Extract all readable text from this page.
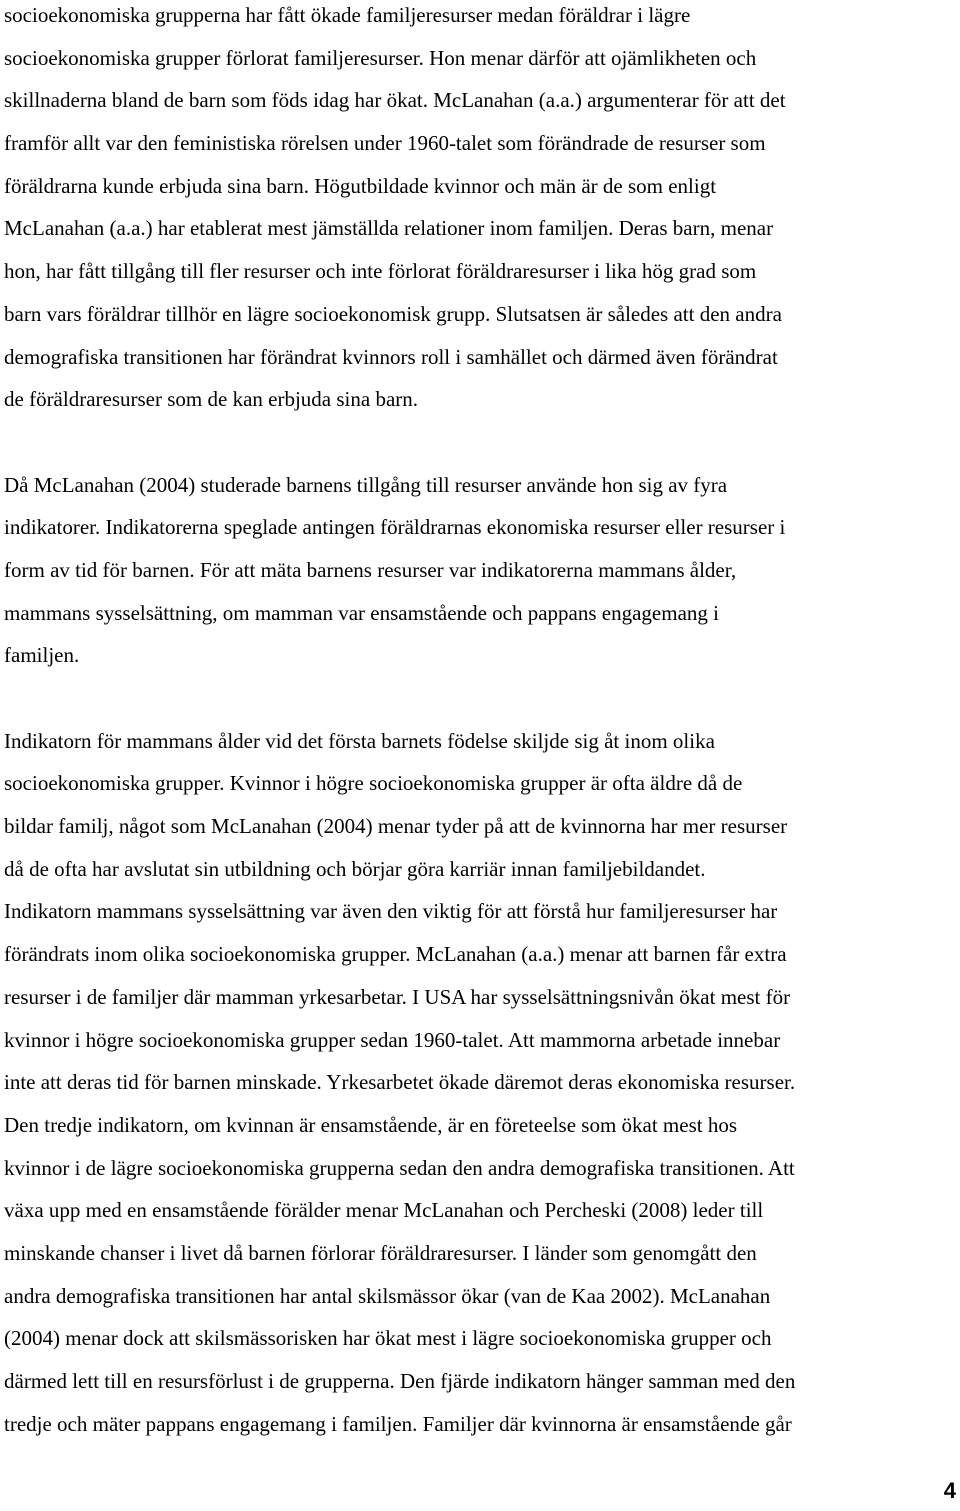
socioekonomiska grupperna har fått ökade familjeresurser medan föräldrar i lägre
socioekonomiska grupper förlorat familjeresurser. Hon menar därför att ojämlikheten och
skillnaderna bland de barn som föds idag har ökat. McLanahan (a.a.) argumenterar för att det
framför allt var den feministiska rörelsen under 1960-talet som förändrade de resurser som
föräldrarna kunde erbjuda sina barn. Högutbildade kvinnor och män är de som enligt
McLanahan (a.a.) har etablerat mest jämställda relationer inom familjen. Deras barn, menar
hon, har fått tillgång till fler resurser och inte förlorat föräldraresurser i lika hög grad som
barn vars föräldrar tillhör en lägre socioekonomisk grupp. Slutsatsen är således att den andra
demografiska transitionen har förändrat kvinnors roll i samhället och därmed även förändrat
de föräldraresurser som de kan erbjuda sina barn.

Då McLanahan (2004) studerade barnens tillgång till resurser använde hon sig av fyra
indikatorer. Indikatorerna speglade antingen föräldrarnas ekonomiska resurser eller resurser i
form av tid för barnen. För att mäta barnens resurser var indikatorerna mammans ålder,
mammans sysselsättning, om mamman var ensamstående och pappans engagemang i
familjen.

Indikatorn för mammans ålder vid det första barnets födelse skiljde sig åt inom olika
socioekonomiska grupper. Kvinnor i högre socioekonomiska grupper är ofta äldre då de
bildar familj, något som McLanahan (2004) menar tyder på att de kvinnorna har mer resurser
då de ofta har avslutat sin utbildning och börjar göra karriär innan familjebildandet.
Indikatorn mammans sysselsättning var även den viktig för att förstå hur familjeresurser har
förändrats inom olika socioekonomiska grupper. McLanahan (a.a.) menar att barnen får extra
resurser i de familjer där mamman yrkesarbetar. I USA har sysselsättningsnivån ökat mest för
kvinnor i högre socioekonomiska grupper sedan 1960-talet. Att mammorna arbetade innebar
inte att deras tid för barnen minskade. Yrkesarbetet ökade däremot deras ekonomiska resurser.
Den tredje indikatorn, om kvinnan är ensamstående, är en företeelse som ökat mest hos
kvinnor i de lägre socioekonomiska grupperna sedan den andra demografiska transitionen. Att
växa upp med en ensamstående förälder menar McLanahan och Percheski (2008) leder till
minskande chanser i livet då barnen förlorar föräldraresurser. I länder som genomgått den
andra demografiska transitionen har antal skilsmässor ökar (van de Kaa 2002). McLanahan
(2004) menar dock att skilsmässorisken har ökat mest i lägre socioekonomiska grupper och
därmed lett till en resursförlust i de grupperna. Den fjärde indikatorn hänger samman med den
tredje och mäter pappans engagemang i familjen. Familjer där kvinnorna är ensamstående går

4
